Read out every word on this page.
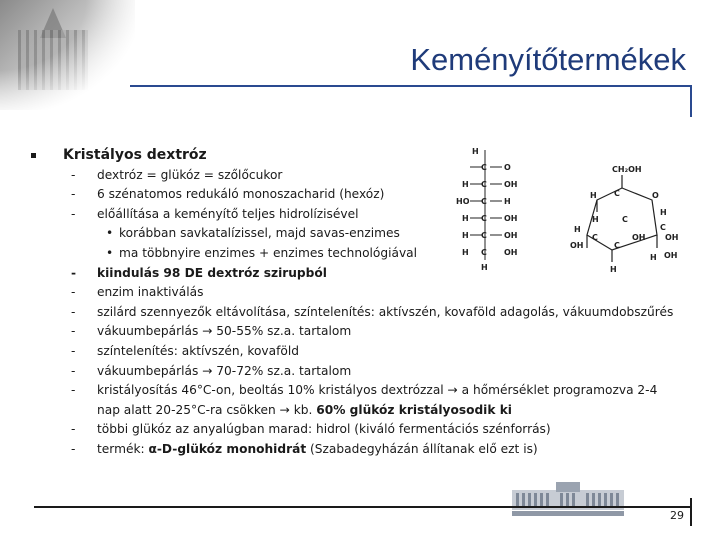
Keményítőtermékek
Kristályos dextróz
- dextróz = glükóz = szőlőcukor
- 6 szénatomos redukáló monoszacharid (hexóz)
- előállítása a keményítő teljes hidrolízisével
• korábban savkatalízissel, majd savas-enzimes
• ma többnyire enzimes + enzimes technológiával
- kiindulás 98 DE dextróz szirupból
- enzim inaktiválás
- szilárd szennyezők eltávolítása, színtelenítés: aktívszén, kovaföld adagolás, vákuumdobszűrés
- vákuumbepárlás → 50-55% sz.a. tartalom
- színtelenítés: aktívszén, kovaföld
- vákuumbepárlás → 70-72% sz.a. tartalom
- kristályosítás 46°C-on, beoltás 10% kristályos dextrózzal → a hőmérséklet programozva 2-4
nap alatt 20-25°C-ra csökken → kb. 60% glükóz kristályosodik ki
- többi glükóz az anyalúgban marad: hidrol (kiváló fermentációs szénforrás)
- termék: α-D-glükóz monohidrát (Szabadegyházán állítanak elő ezt is)
H
C O
H C OH
HO C H
H C OH
H C OH
H C OH
H
CH₂OH
H C	O
H
H
C
C
OH
H
OH
OH
C
C
H
H OH
29
